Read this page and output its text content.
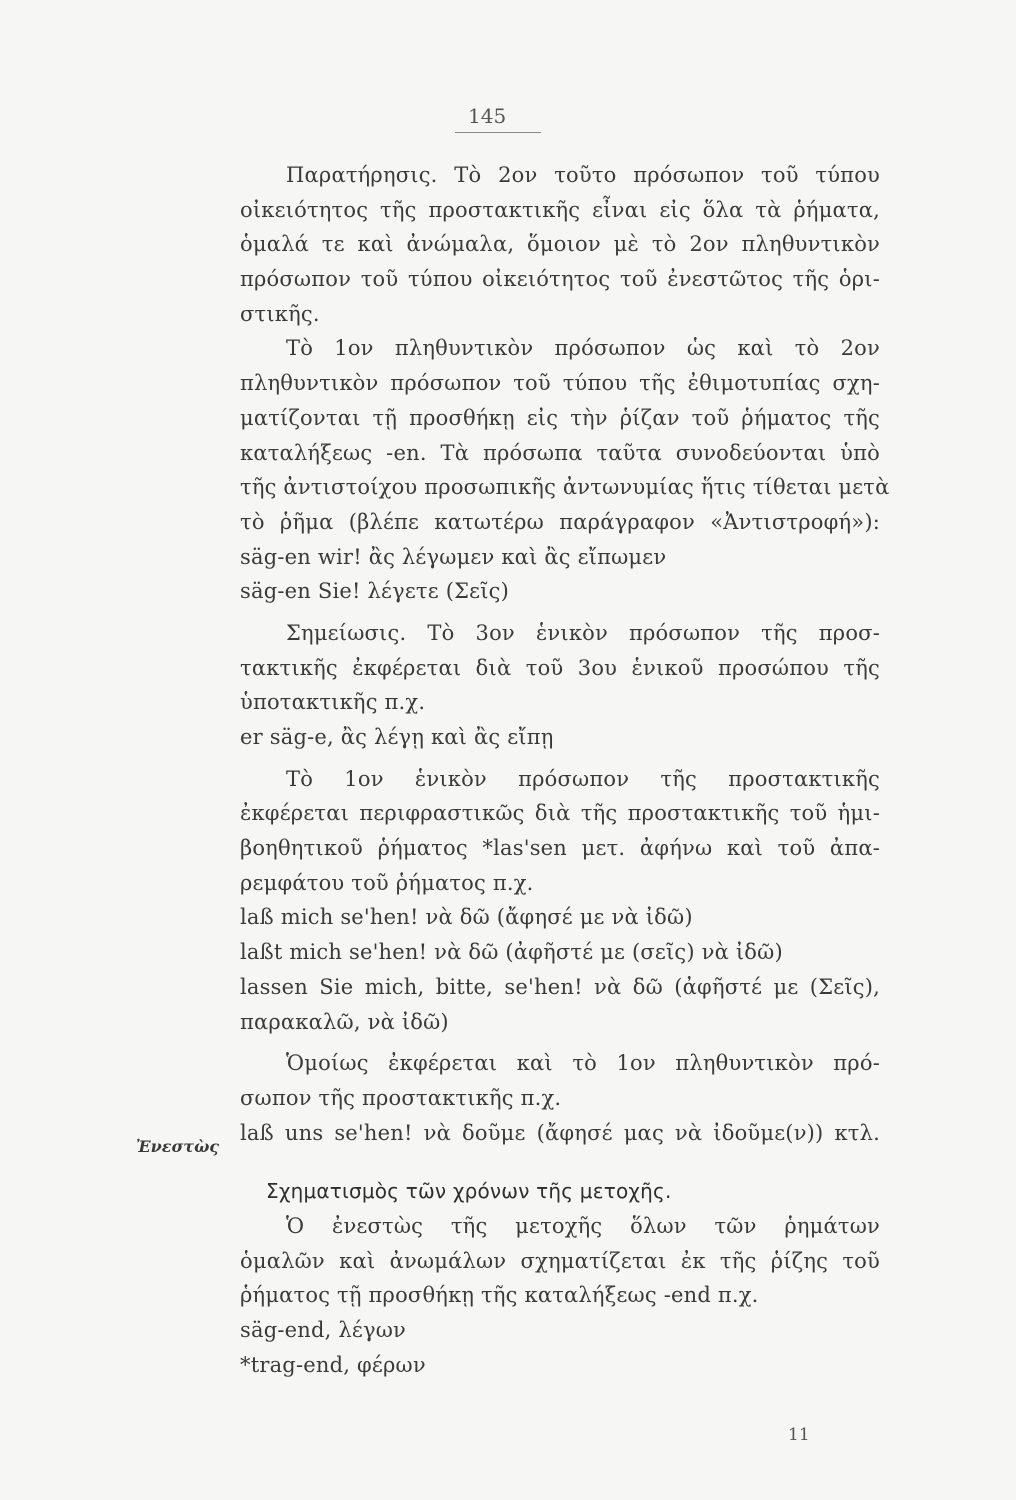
145
Παρατήρησις. Τὸ 2ον τοῦτο πρόσωπον τοῦ τύπου
οἰκειότητος τῆς προστακτικῆς εἶναι εἰς ὅλα τὰ ῥήματα,
ὁμαλά τε καὶ ἀνώμαλα, ὅμοιον μὲ τὸ 2ον πληθυντικὸν
πρόσωπον τοῦ τύπου οἰκειότητος τοῦ ἐνεστῶτος τῆς ὁρι-
στικῆς.
Τὸ 1ον πληθυντικὸν πρόσωπον ὡς καὶ τὸ 2ον
πληθυντικὸν πρόσωπον τοῦ τύπου τῆς ἐθιμοτυπίας σχη-
ματίζονται τῇ προσθήκῃ εἰς τὴν ῥίζαν τοῦ ῥήματος τῆς
καταλήξεως -en. Τὰ πρόσωπα ταῦτα συνοδεύονται ὑπὸ
τῆς ἀντιστοίχου προσωπικῆς ἀντωνυμίας ἥτις τίθεται μετὰ
τὸ ῥῆμα (βλέπε κατωτέρω παράγραφον «Ἀντιστροφή»):
säg-en wir! ἂς λέγωμεν καὶ ἂς εἴπωμεν
säg-en Sie! λέγετε (Σεῖς)
Σημείωσις. Τὸ 3ον ἑνικὸν πρόσωπον τῆς προσ-
τακτικῆς ἐκφέρεται διὰ τοῦ 3ου ἑνικοῦ προσώπου τῆς
ὑποτακτικῆς π.χ.
er säg-e, ἂς λέγῃ καὶ ἂς εἴπῃ
Τὸ 1ον ἑνικὸν πρόσωπον τῆς προστακτικῆς
ἐκφέρεται περιφραστικῶς διὰ τῆς προστακτικῆς τοῦ ἡμι-
βοηθητικοῦ ῥήματος *las'sen μετ. ἀφήνω καὶ τοῦ ἀπα-
ρεμφάτου τοῦ ῥήματος π.χ.
laß mich se'hen! νὰ δῶ (ἄφησέ με νὰ ἰδῶ)
laßt mich se'hen! νὰ δῶ (ἀφῆστέ με (σεῖς) νὰ ἰδῶ)
lassen Sie mich, bitte, se'hen! νὰ δῶ (ἀφῆστέ με (Σεῖς),
παρακαλῶ, νὰ ἰδῶ)
Ὁμοίως ἐκφέρεται καὶ τὸ 1ον πληθυντικὸν πρό-
σωπον τῆς προστακτικῆς π.χ.
laß uns se'hen! νὰ δοῦμε (ἄφησέ μας νὰ ἰδοῦμε(ν)) κτλ.
Σχηματισμὸς τῶν χρόνων τῆς μετοχῆς.
Ὁ ἐνεστὼς τῆς μετοχῆς ὅλων τῶν ῥημάτων
ὁμαλῶν καὶ ἀνωμάλων σχηματίζεται ἐκ τῆς ῥίζης τοῦ
ῥήματος τῇ προσθήκῃ τῆς καταλήξεως -end π.χ.
säg-end, λέγων
*trag-end, φέρων
Ἐνεστὼς
11
